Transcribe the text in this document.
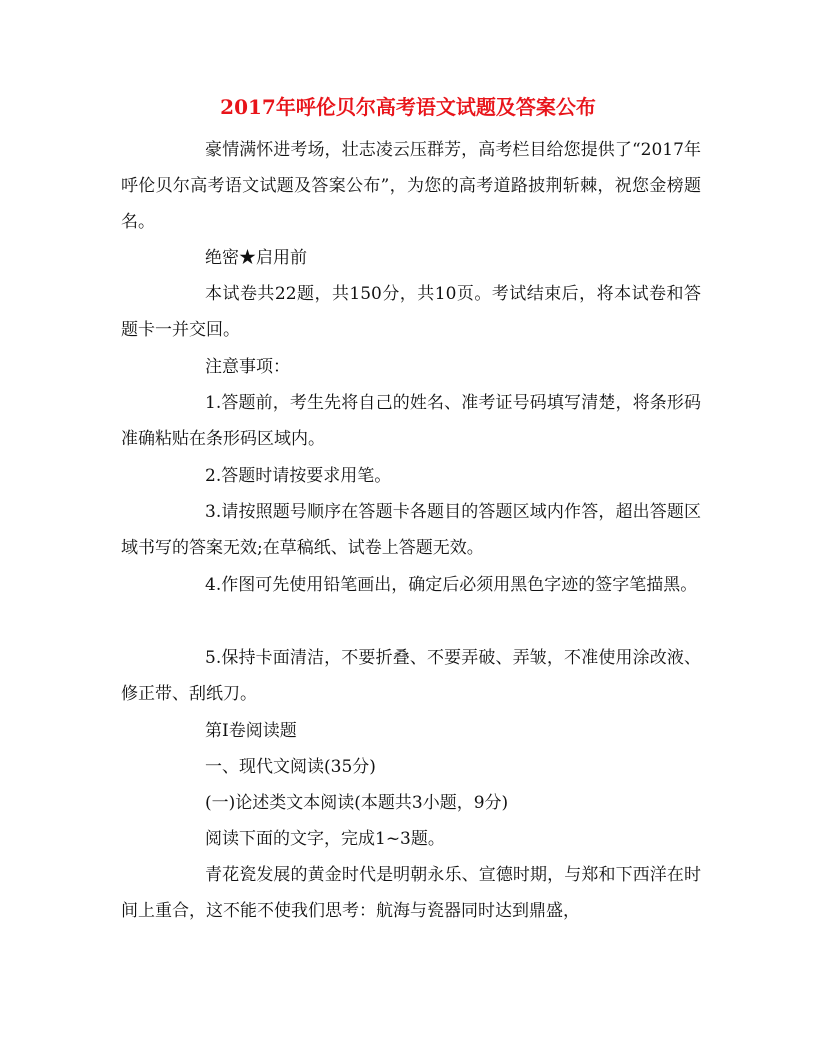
2017年呼伦贝尔高考语文试题及答案公布

豪情满怀进考场，壮志凌云压群芳，高考栏目给您提供了“2017年呼伦贝尔高考语文试题及答案公布”，为您的高考道路披荆斩棘，祝您金榜题名。

绝密★启用前

本试卷共22题，共150分，共10页。考试结束后，将本试卷和答题卡一并交回。

注意事项：

1.答题前，考生先将自己的姓名、准考证号码填写清楚，将条形码准确粘贴在条形码区域内。

2.答题时请按要求用笔。

3.请按照题号顺序在答题卡各题目的答题区域内作答，超出答题区域书写的答案无效;在草稿纸、试卷上答题无效。

4.作图可先使用铅笔画出，确定后必须用黑色字迹的签字笔描黑。

5.保持卡面清洁，不要折叠、不要弄破、弄皱，不准使用涂改液、修正带、刮纸刀。

第Ⅰ卷阅读题

一、现代文阅读(35分)

(一)论述类文本阅读(本题共3小题，9分)

阅读下面的文字，完成1~3题。

青花瓷发展的黄金时代是明朝永乐、宣德时期，与郑和下西洋在时间上重合，这不能不使我们思考：航海与瓷器同时达到鼎盛，
